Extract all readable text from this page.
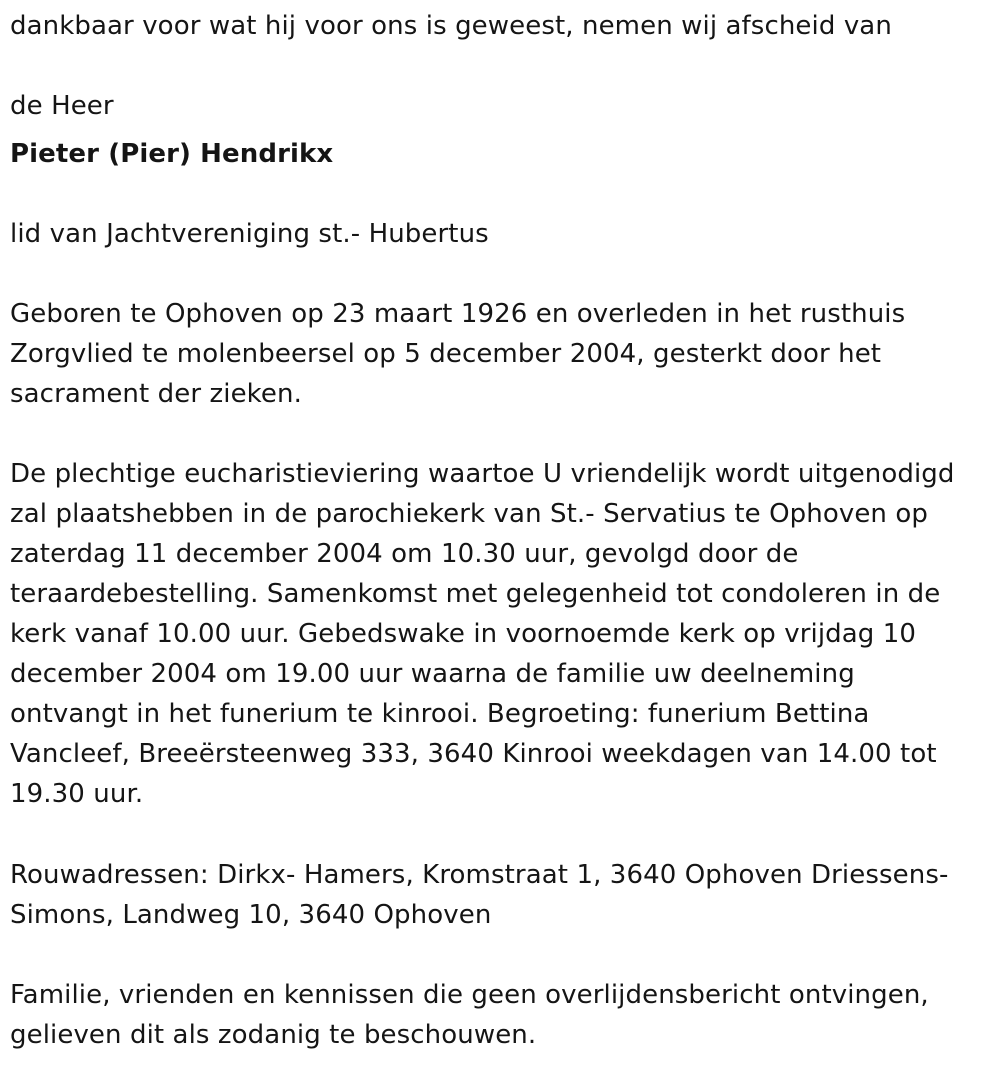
dankbaar voor wat hij voor ons is geweest, nemen wij afscheid van

de Heer

Pieter (Pier) Hendrikx

lid van Jachtvereniging st.- Hubertus

Geboren te Ophoven op 23 maart 1926 en overleden in het rusthuis
Zorgvlied te molenbeersel op 5 december 2004, gesterkt door het
sacrament der zieken.

De plechtige eucharistieviering waartoe U vriendelijk wordt uitgenodigd
zal plaatshebben in de parochiekerk van St.- Servatius te Ophoven op
zaterdag 11 december 2004 om 10.30 uur, gevolgd door de
teraardebestelling. Samenkomst met gelegenheid tot condoleren in de
kerk vanaf 10.00 uur. Gebedswake in voornoemde kerk op vrijdag 10
december 2004 om 19.00 uur waarna de familie uw deelneming
ontvangt in het funerium te kinrooi. Begroeting: funerium Bettina
Vancleef, Breeërsteenweg 333, 3640 Kinrooi weekdagen van 14.00 tot
19.30 uur.

Rouwadressen: Dirkx- Hamers, Kromstraat 1, 3640 Ophoven Driessens-
Simons, Landweg 10, 3640 Ophoven

Familie, vrienden en kennissen die geen overlijdensbericht ontvingen,
gelieven dit als zodanig te beschouwen.
